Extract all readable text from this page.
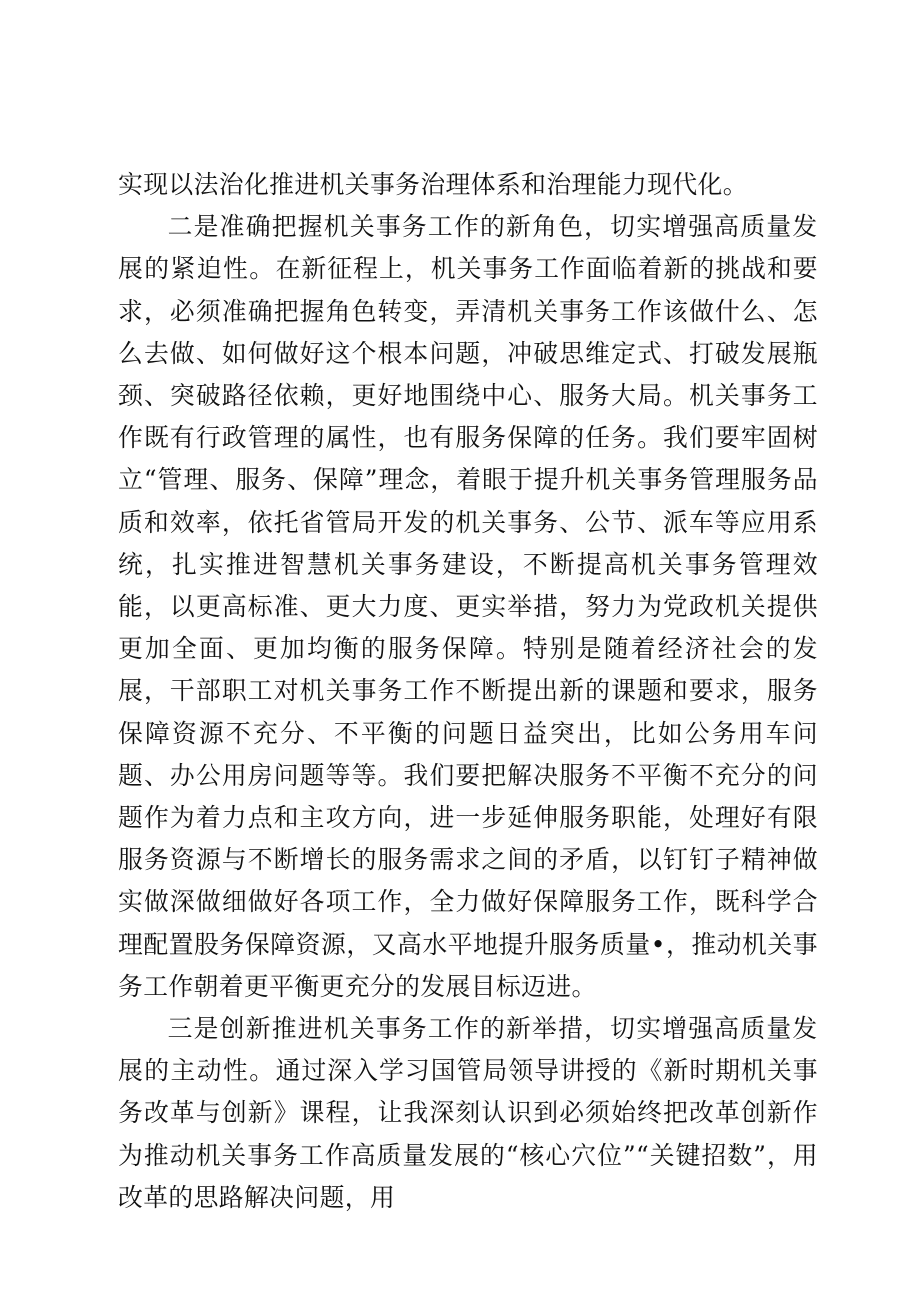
实现以法治化推进机关事务治理体系和治理能力现代化。

二是准确把握机关事务工作的新角色，切实增强高质量发展的紧迫性。在新征程上，机关事务工作面临着新的挑战和要求，必须准确把握角色转变，弄清机关事务工作该做什么、怎么去做、如何做好这个根本问题，冲破思维定式、打破发展瓶颈、突破路径依赖，更好地围绕中心、服务大局。机关事务工作既有行政管理的属性，也有服务保障的任务。我们要牢固树立“管理、服务、保障”理念，着眼于提升机关事务管理服务品质和效率，依托省管局开发的机关事务、公节、派车等应用系统，扎实推进智慧机关事务建设，不断提高机关事务管理效能，以更高标准、更大力度、更实举措，努力为党政机关提供更加全面、更加均衡的服务保障。特别是随着经济社会的发展，干部职工对机关事务工作不断提出新的课题和要求，服务保障资源不充分、不平衡的问题日益突出，比如公务用车问题、办公用房问题等等。我们要把解决服务不平衡不充分的问题作为着力点和主攻方向，进一步延伸服务职能，处理好有限服务资源与不断增长的服务需求之间的矛盾，以钉钉子精神做实做深做细做好各项工作，全力做好保障服务工作，既科学合理配置股务保障资源，又高水平地提升服务质量•，推动机关事务工作朝着更平衡更充分的发展目标迈进。

三是创新推进机关事务工作的新举措，切实增强高质量发展的主动性。通过深入学习国管局领导讲授的《新时期机关事务改革与创新》课程，让我深刻认识到必须始终把改革创新作为推动机关事务工作高质量发展的“核心穴位”“关键招数”，用改革的思路解决问题，用
